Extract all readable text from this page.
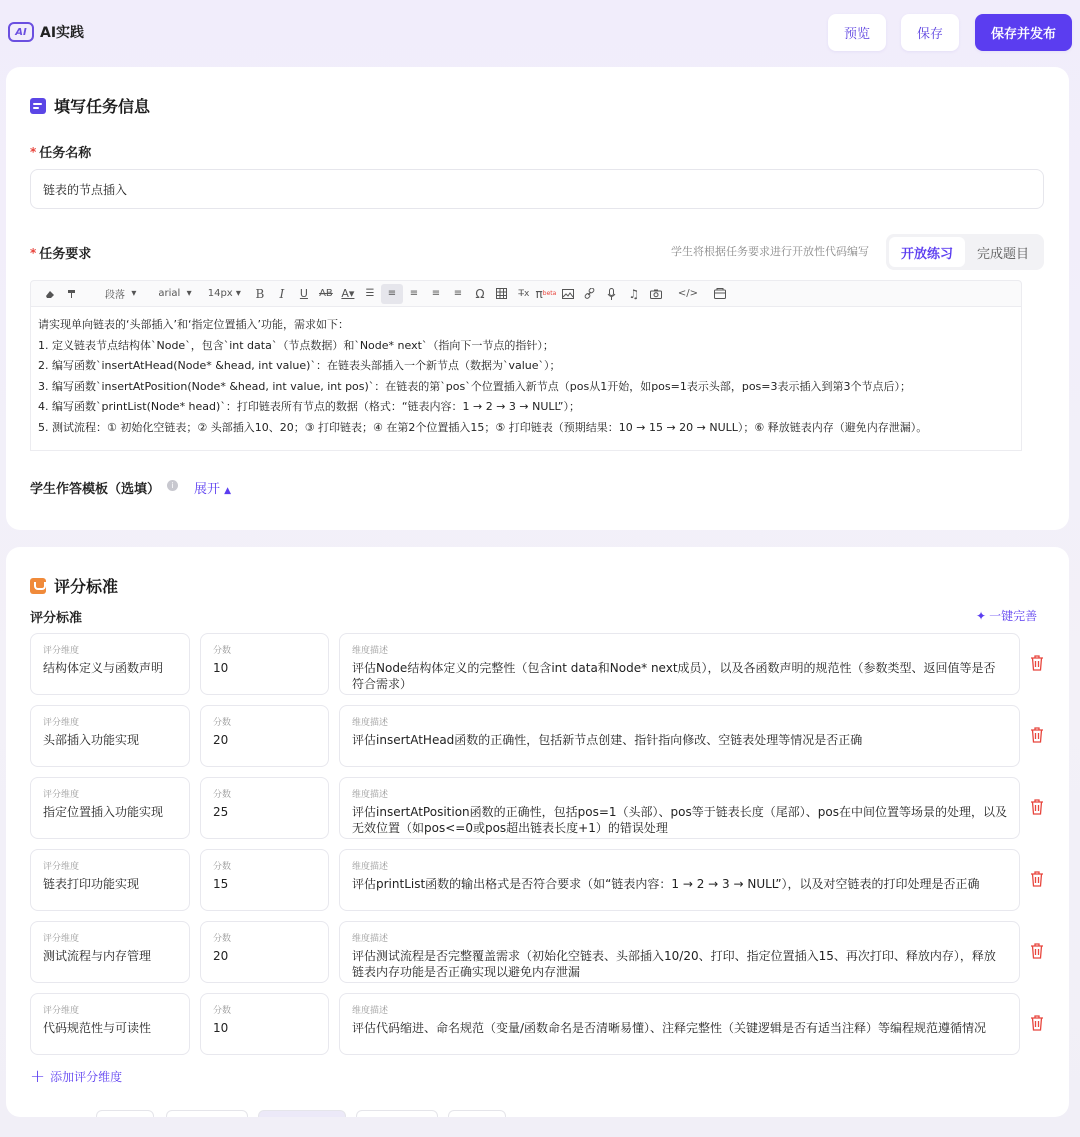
AI AI实践	预览	保存	保存并发布
填写任务信息
* 任务名称
链表的节点插入
* 任务要求	学生将根据任务要求进行开放性代码编写	开放练习	完成题目
段落 ▾	arial ▾	14px ▾	B	I	U	AB A▾	☰	≡	≡	≡	≡	Ω	T̶x π beta	♫	</>
请实现单向链表的‘头部插入’和‘指定位置插入’功能，需求如下：
1. 定义链表节点结构体`Node`，包含`int data`（节点数据）和`Node* next`（指向下一节点的指针）；
2. 编写函数`insertAtHead(Node* &head, int value)`：在链表头部插入一个新节点（数据为`value`）；
3. 编写函数`insertAtPosition(Node* &head, int value, int pos)`：在链表的第`pos`个位置插入新节点（pos从1开始，如pos=1表示头部，pos=3表示插入到第3个节点后）；
4. 编写函数`printList(Node* head)`：打印链表所有节点的数据（格式：“链表内容：1 → 2 → 3 → NULL”）；
5. 测试流程：① 初始化空链表；② 头部插入10、20；③ 打印链表；④ 在第2个位置插入15；⑤ 打印链表（预期结果：10 → 15 → 20 → NULL）；⑥ 释放链表内存（避免内存泄漏）。
学生作答模板（选填）	i	展开 ▲
评分标准
评分标准	✦ 一键完善
评分维度
结构体定义与函数声明
分数
10
维度描述
评估Node结构体定义的完整性（包含int data和Node* next成员），以及各函数声明的规范性（参数类型、返回值等是否符合需求）
评分维度
头部插入功能实现
分数
20
维度描述
评估insertAtHead函数的正确性，包括新节点创建、指针指向修改、空链表处理等情况是否正确
评分维度
指定位置插入功能实现
分数
25
维度描述
评估insertAtPosition函数的正确性，包括pos=1（头部）、pos等于链表长度（尾部）、pos在中间位置等场景的处理，以及无效位置（如pos<=0或pos超出链表长度+1）的错误处理
评分维度
链表打印功能实现
分数
15
维度描述
评估printList函数的输出格式是否符合要求（如“链表内容：1 → 2 → 3 → NULL”），以及对空链表的打印处理是否正确
评分维度
测试流程与内存管理
分数
20
维度描述
评估测试流程是否完整覆盖需求（初始化空链表、头部插入10/20、打印、指定位置插入15、再次打印、释放内存），释放链表内存功能是否正确实现以避免内存泄漏
评分维度
代码规范性与可读性
分数
10
维度描述
评估代码缩进、命名规范（变量/函数命名是否清晰易懂）、注释完整性（关键逻辑是否有适当注释）等编程规范遵循情况
+ 添加评分维度
